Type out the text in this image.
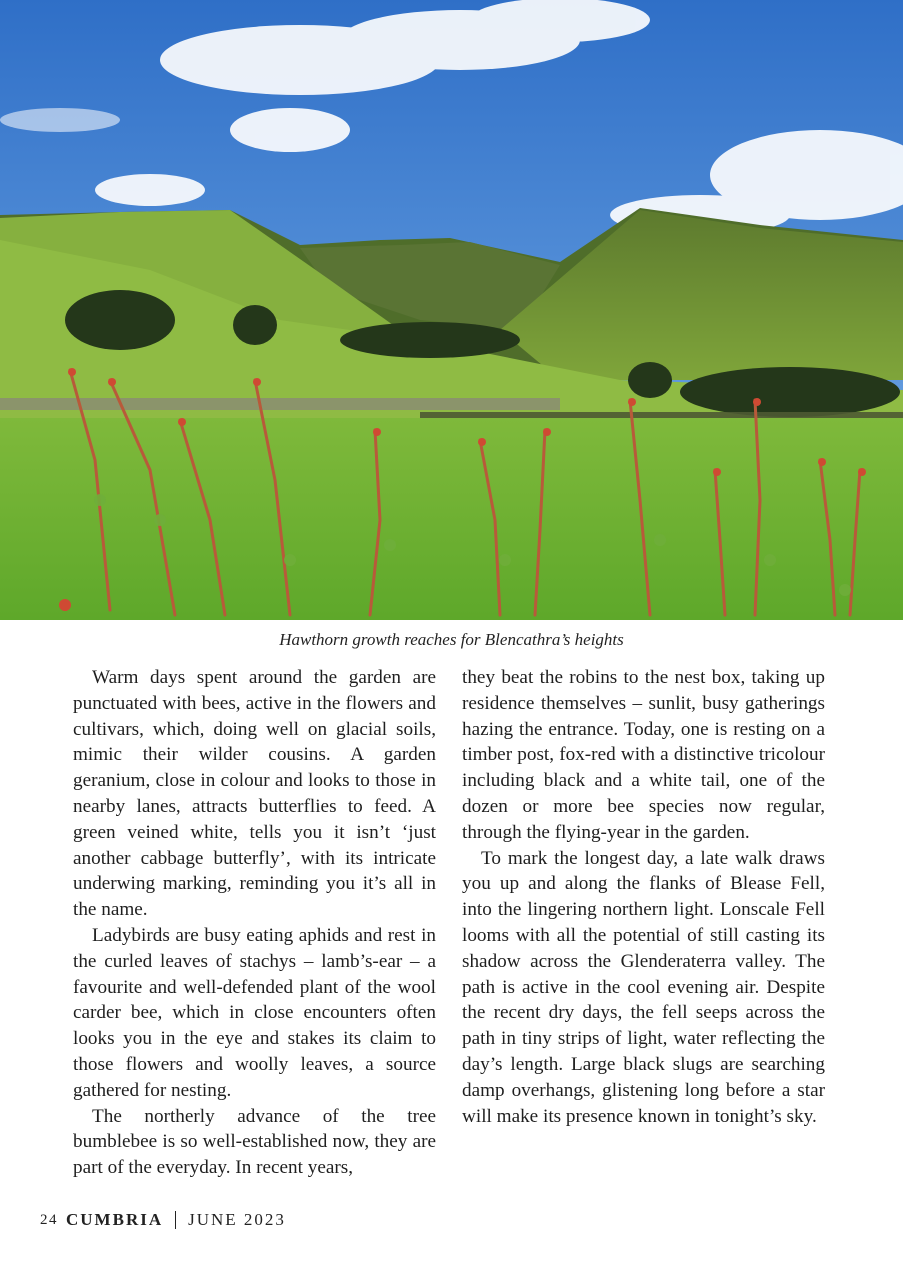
Hawthorn growth reaches for Blencathra’s heights

Warm days spent around the garden are punctuated with bees, active in the flowers and cultivars, which, doing well on glacial soils, mimic their wilder cousins. A garden geranium, close in colour and looks to those in nearby lanes, attracts butterflies to feed. A green veined white, tells you it isn’t ‘just another cabbage butterfly’, with its intricate underwing marking, reminding you it’s all in the name.

Ladybirds are busy eating aphids and rest in the curled leaves of stachys – lamb’s-ear – a favourite and well-defended plant of the wool carder bee, which in close encounters often looks you in the eye and stakes its claim to those flowers and woolly leaves, a source gathered for nesting.

The northerly advance of the tree bumblebee is so well-established now, they are part of the everyday. In recent years,

they beat the robins to the nest box, taking up residence themselves – sunlit, busy gatherings hazing the entrance. Today, one is resting on a timber post, fox-red with a distinctive tricolour including black and a white tail, one of the dozen or more bee species now regular, through the flying-year in the garden.

To mark the longest day, a late walk draws you up and along the flanks of Blease Fell, into the lingering northern light. Lonscale Fell looms with all the potential of still casting its shadow across the Glenderaterra valley. The path is active in the cool evening air. Despite the recent dry days, the fell seeps across the path in tiny strips of light, water reflecting the day’s length. Large black slugs are searching damp overhangs, glistening long before a star will make its presence known in tonight’s sky.

24 CUMBRIA JUNE 2023
